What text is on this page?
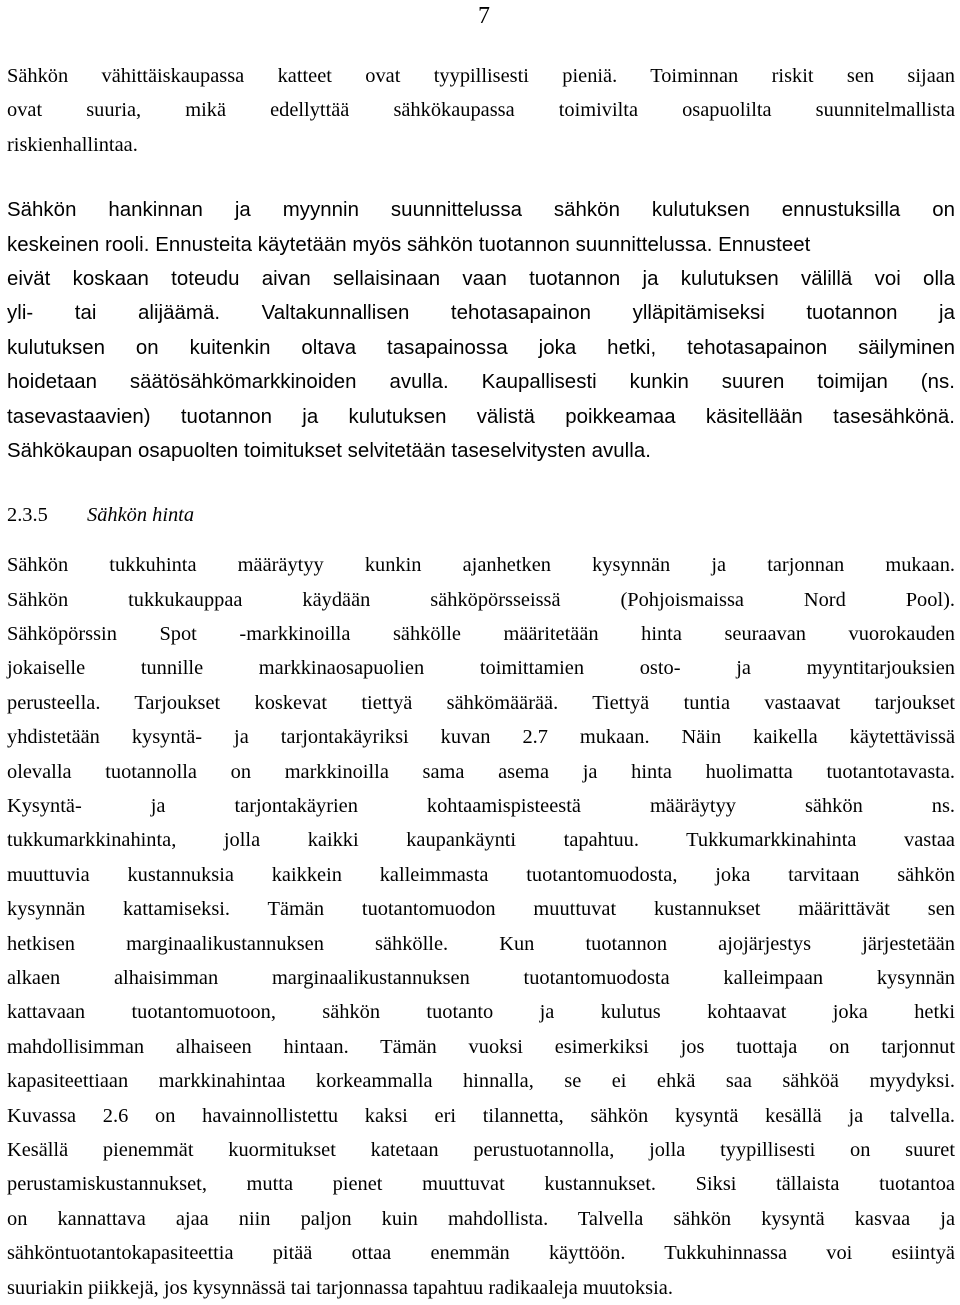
7
Sähkön vähittäiskaupassa katteet ovat tyypillisesti pieniä. Toiminnan riskit sen sijaan
ovat suuria, mikä edellyttää sähkökaupassa toimivilta osapuolilta suunnitelmallista
riskienhallintaa.
Sähkön hankinnan ja myynnin suunnittelussa sähkön kulutuksen ennustuksilla on
keskeinen rooli. Ennusteita käytetään myös sähkön tuotannon suunnittelussa. Ennusteet
eivät koskaan toteudu aivan sellaisinaan vaan tuotannon ja kulutuksen välillä voi olla
yli- tai alijäämä. Valtakunnallisen tehotasapainon ylläpitämiseksi tuotannon ja
kulutuksen on kuitenkin oltava tasapainossa joka hetki, tehotasapainon säilyminen
hoidetaan säätösähkömarkkinoiden avulla. Kaupallisesti kunkin suuren toimijan (ns.
tasevastaavien) tuotannon ja kulutuksen välistä poikkeamaa käsitellään tasesähkönä.
Sähkökaupan osapuolten toimitukset selvitetään taseselvitysten avulla.
2.3.5 Sähkön hinta
Sähkön tukkuhinta määräytyy kunkin ajanhetken kysynnän ja tarjonnan mukaan.
Sähkön tukkukauppaa käydään sähköpörsseissä (Pohjoismaissa Nord Pool).
Sähköpörssin Spot -markkinoilla sähkölle määritetään hinta seuraavan vuorokauden
jokaiselle tunnille markkinaosapuolien toimittamien osto- ja myyntitarjouksien
perusteella. Tarjoukset koskevat tiettyä sähkömäärää. Tiettyä tuntia vastaavat tarjoukset
yhdistetään kysyntä- ja tarjontakäyriksi kuvan 2.7 mukaan. Näin kaikella käytettävissä
olevalla tuotannolla on markkinoilla sama asema ja hinta huolimatta tuotantotavasta.
Kysyntä- ja tarjontakäyrien kohtaamispisteestä määräytyy sähkön ns.
tukkumarkkinahinta, jolla kaikki kaupankäynti tapahtuu. Tukkumarkkinahinta vastaa
muuttuvia kustannuksia kaikkein kalleimmasta tuotantomuodosta, joka tarvitaan sähkön
kysynnän kattamiseksi. Tämän tuotantomuodon muuttuvat kustannukset määrittävät sen
hetkisen marginaalikustannuksen sähkölle. Kun tuotannon ajojärjestys järjestetään
alkaen alhaisimman marginaalikustannuksen tuotantomuodosta kalleimpaan kysynnän
kattavaan tuotantomuotoon, sähkön tuotanto ja kulutus kohtaavat joka hetki
mahdollisimman alhaiseen hintaan. Tämän vuoksi esimerkiksi jos tuottaja on tarjonnut
kapasiteettiaan markkinahintaa korkeammalla hinnalla, se ei ehkä saa sähköä myydyksi.
Kuvassa 2.6 on havainnollistettu kaksi eri tilannetta, sähkön kysyntä kesällä ja talvella.
Kesällä pienemmät kuormitukset katetaan perustuotannolla, jolla tyypillisesti on suuret
perustamiskustannukset, mutta pienet muuttuvat kustannukset. Siksi tällaista tuotantoa
on kannattava ajaa niin paljon kuin mahdollista. Talvella sähkön kysyntä kasvaa ja
sähköntuotantokapasiteettia pitää ottaa enemmän käyttöön. Tukkuhinnassa voi esiintyä
suuriakin piikkejä, jos kysynnässä tai tarjonnassa tapahtuu radikaaleja muutoksia.
